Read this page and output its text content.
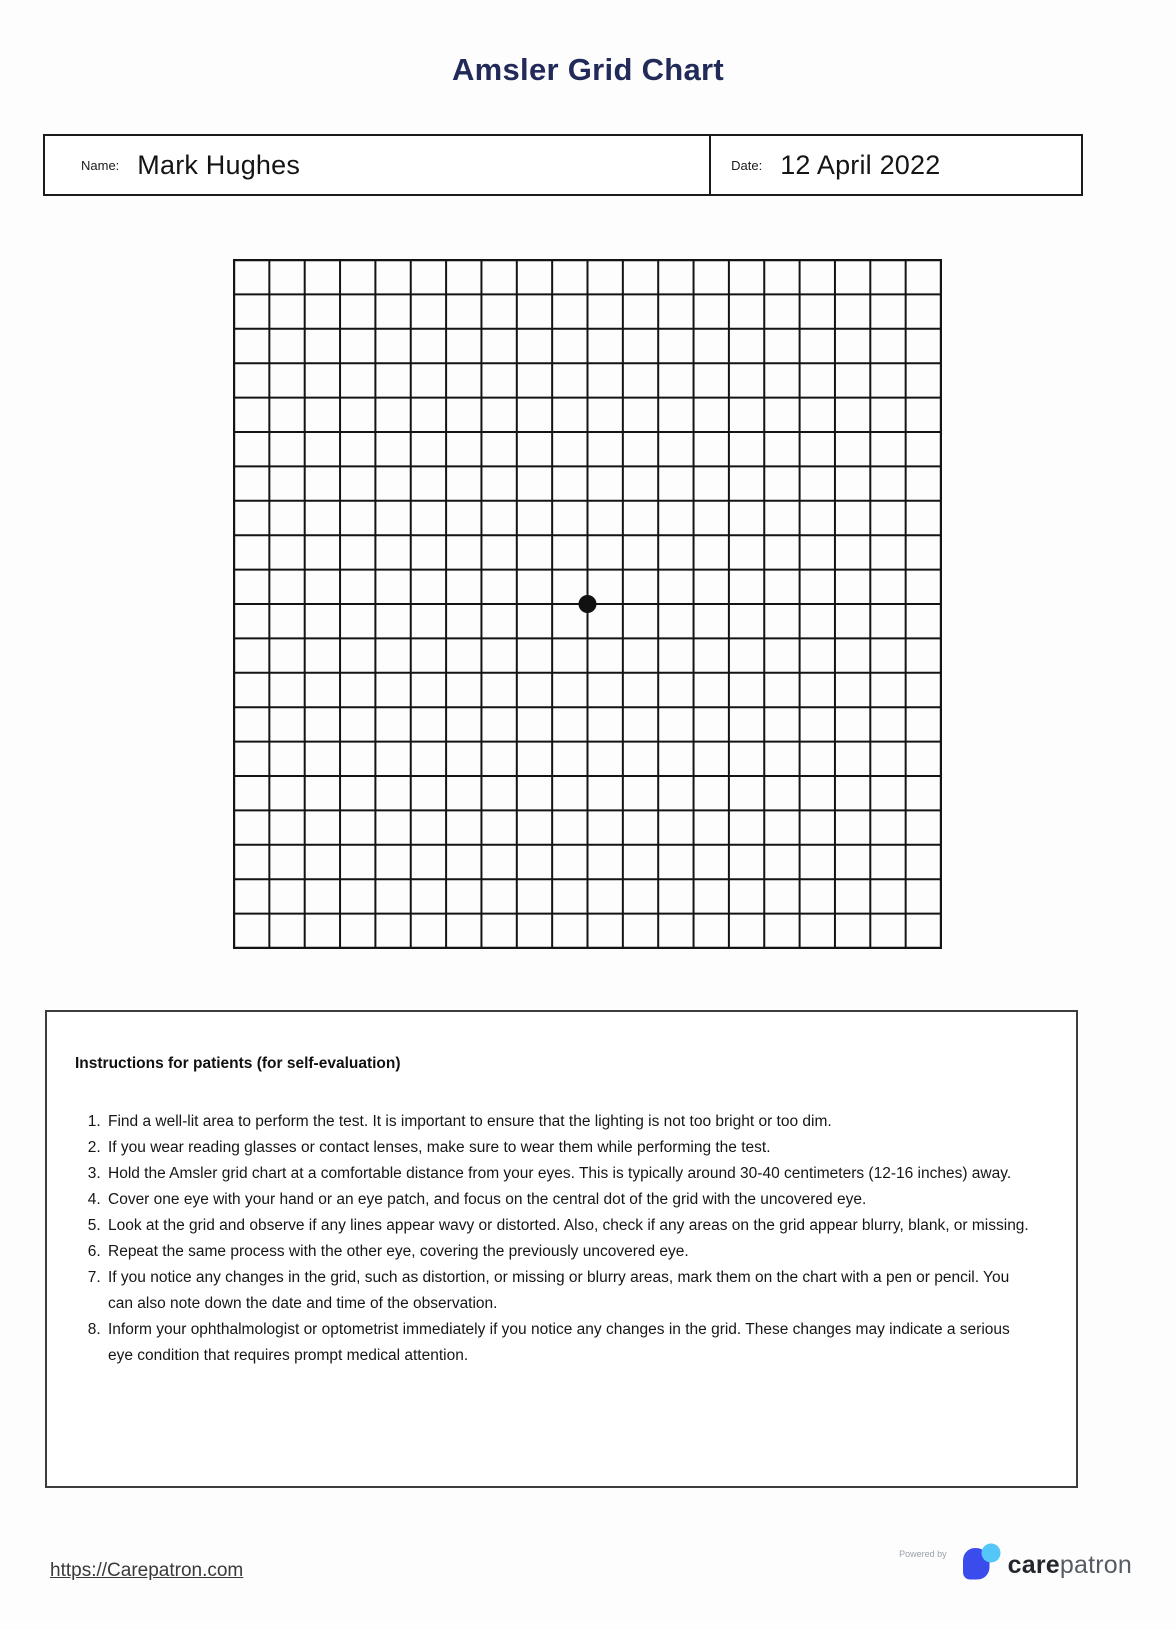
Amsler Grid Chart
Name: Mark Hughes	Date: 12 April 2022
Instructions for patients (for self-evaluation)
1. Find a well-lit area to perform the test. It is important to ensure that the lighting is not too bright or too dim.
2. If you wear reading glasses or contact lenses, make sure to wear them while performing the test.
3. Hold the Amsler grid chart at a comfortable distance from your eyes. This is typically around 30-40 centimeters (12-16 inches) away.
4. Cover one eye with your hand or an eye patch, and focus on the central dot of the grid with the uncovered eye.
5. Look at the grid and observe if any lines appear wavy or distorted. Also, check if any areas on the grid appear blurry, blank, or missing.
6. Repeat the same process with the other eye, covering the previously uncovered eye.
7. If you notice any changes in the grid, such as distortion, or missing or blurry areas, mark them on the chart with a pen or pencil. You can also note down the date and time of the observation.
8. Inform your ophthalmologist or optometrist immediately if you notice any changes in the grid. These changes may indicate a serious eye condition that requires prompt medical attention.
https://Carepatron.com
Powered by carepatron
